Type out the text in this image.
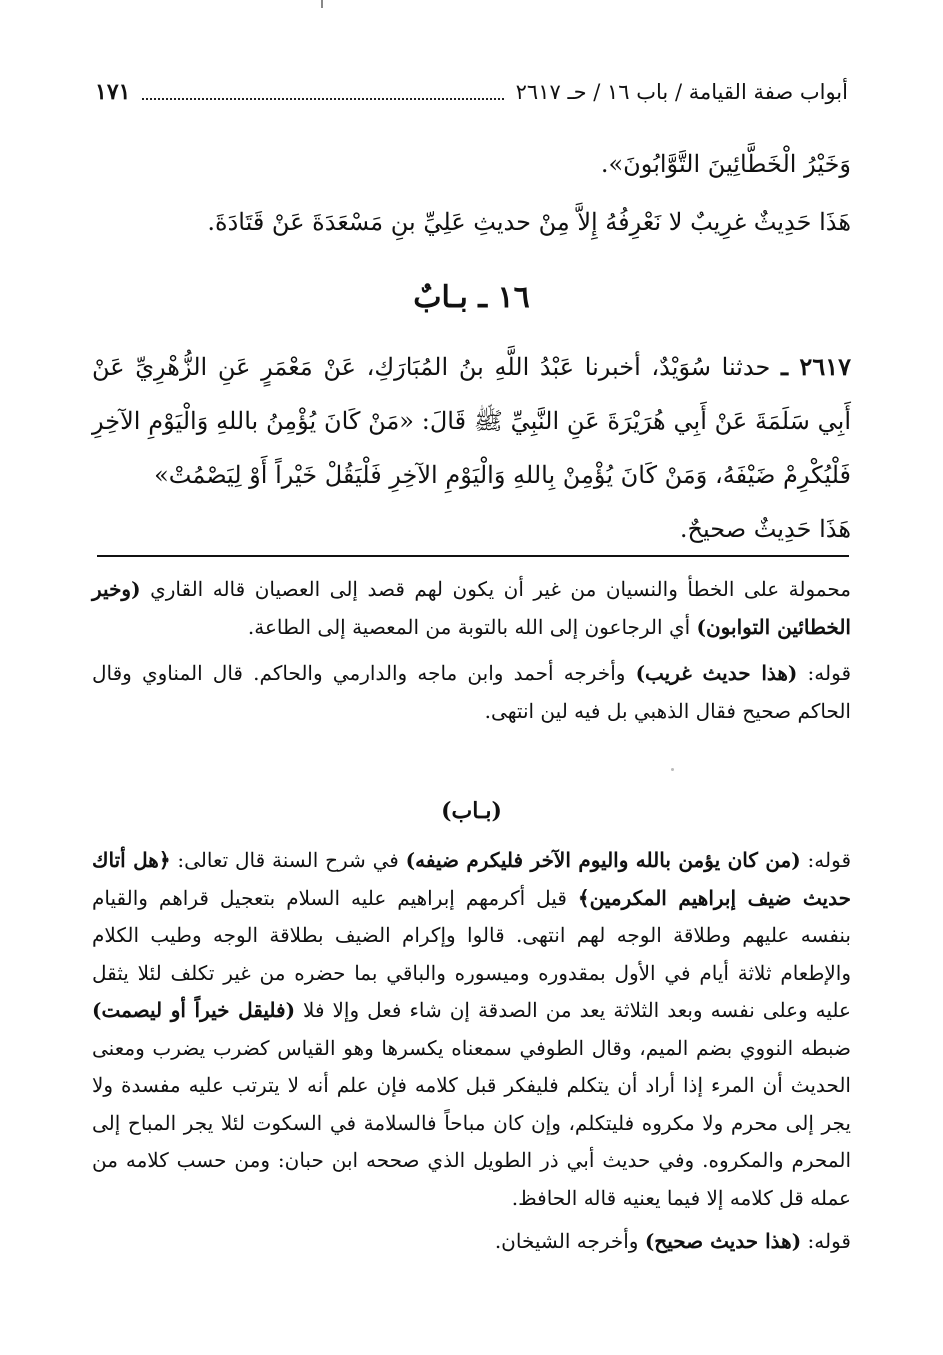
أبواب صفة القيامة / باب ١٦ / حـ ٢٦١٧
١٧١

وَخَيْرُ الْخَطَّائِينَ التَّوَّابُونَ».

هَذَا حَدِيثٌ غرِيبٌ لا نَعْرِفُهُ إِلاَّ مِنْ حديثِ عَلِيِّ بنِ مَسْعَدَةَ عَنْ قَتَادَةَ.

١٦ ـ بـابٌ

٢٦١٧ ـ حدثنا سُوَيْدٌ، أخبرنا عَبْدُ اللَّهِ بنُ المُبَارَكِ، عَنْ مَعْمَرٍ عَنِ الزُّهْرِيِّ عَنْ أَبِي سَلَمَةَ عَنْ أَبِي هُرَيْرَةَ عَنِ النَّبِيِّ ﷺ قَالَ: «مَنْ كَانَ يُؤْمِنُ باللهِ وَالْيَوْمِ الآخِرِ فَلْيُكْرِمْ ضَيْفَهُ، وَمَنْ كَانَ يُؤْمِنْ بِاللهِ وَالْيَوْمِ الآخِرِ فَلْيَقُلْ خَيْراً أَوْ لِيَصْمُتْ»

هَذَا حَدِيثٌ صحيحٌ.

محمولة على الخطأ والنسيان من غير أن يكون لهم قصد إلى العصيان قاله القاري (وخير الخطائين التوابون) أي الرجاعون إلى الله بالتوبة من المعصية إلى الطاعة.

قوله: (هذا حديث غريب) وأخرجه أحمد وابن ماجه والدارمي والحاكم. قال المناوي وقال الحاكم صحيح فقال الذهبي بل فيه لين انتهى.

(بـاب)

قوله: (من كان يؤمن بالله واليوم الآخر فليكرم ضيفه) في شرح السنة قال تعالى: ﴿هل أتاك حديث ضيف إبراهيم المكرمين﴾ قيل أكرمهم إبراهيم عليه السلام بتعجيل قراهم والقيام بنفسه عليهم وطلاقة الوجه لهم انتهى. قالوا وإكرام الضيف بطلاقة الوجه وطيب الكلام والإطعام ثلاثة أيام في الأول بمقدوره وميسوره والباقي بما حضره من غير تكلف لئلا يثقل عليه وعلى نفسه وبعد الثلاثة يعد من الصدقة إن شاء فعل وإلا فلا (فليقل خيراً أو ليصمت) ضبطه النووي بضم الميم، وقال الطوفي سمعناه يكسرها وهو القياس كضرب يضرب ومعنى الحديث أن المرء إذا أراد أن يتكلم فليفكر قبل كلامه فإن علم أنه لا يترتب عليه مفسدة ولا يجر إلى محرم ولا مكروه فليتكلم، وإن كان مباحاً فالسلامة في السكوت لئلا يجر المباح إلى المحرم والمكروه. وفي حديث أبي ذر الطويل الذي صححه ابن حبان: ومن حسب كلامه من عمله قل كلامه إلا فيما يعنيه قاله الحافظ.

قوله: (هذا حديث صحيح) وأخرجه الشيخان.
